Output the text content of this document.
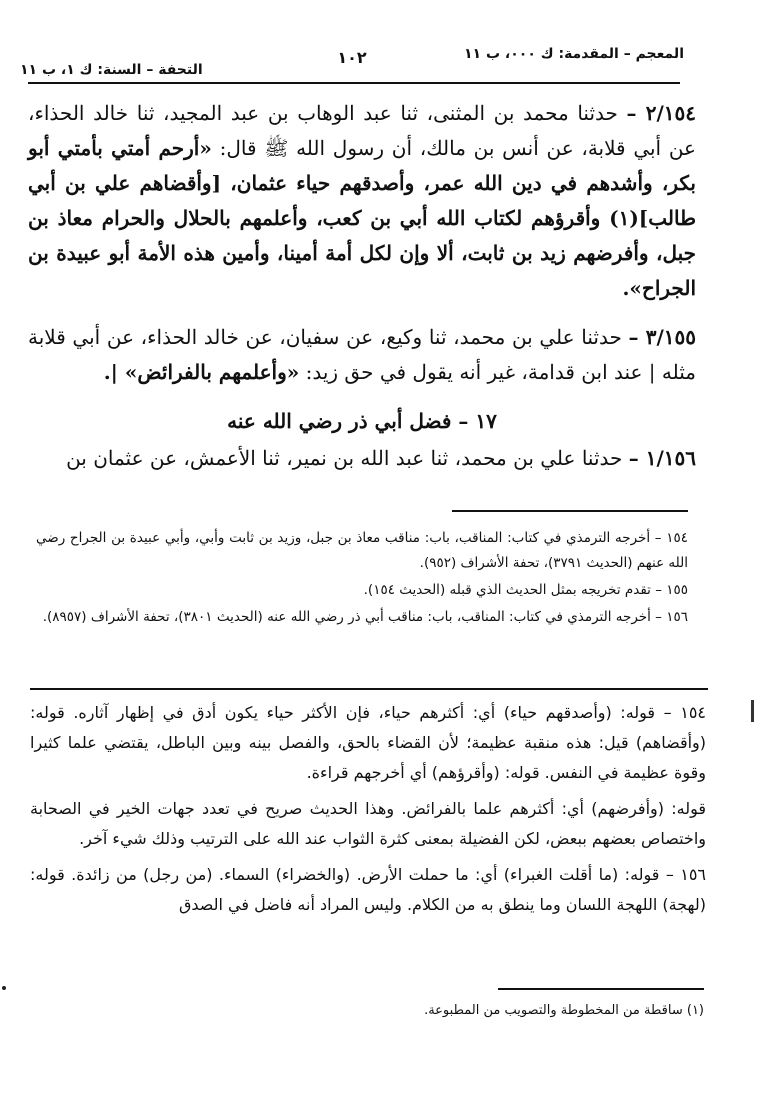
المعجم – المقدمة: ك ٠٠٠، ب ١١
١٠٢
التحفة – السنة: ك ١، ب ١١

٢/١٥٤ – حدثنا محمد بن المثنى، ثنا عبد الوهاب بن عبد المجيد، ثنا خالد الحذاء، عن أبي قلابة، عن أنس بن مالك، أن رسول الله ﷺ قال: «أرحم أمتي بأمتي أبو بكر، وأشدهم في دين الله عمر، وأصدقهم حياء عثمان، [وأقضاهم علي بن أبي طالب](١) وأقرؤهم لكتاب الله أبي بن كعب، وأعلمهم بالحلال والحرام معاذ بن جبل، وأفرضهم زيد بن ثابت، ألا وإن لكل أمة أمينا، وأمين هذه الأمة أبو عبيدة بن الجراح».

٣/١٥٥ – حدثنا علي بن محمد، ثنا وكيع، عن سفيان، عن خالد الحذاء، عن أبي قلابة مثله | عند ابن قدامة، غير أنه يقول في حق زيد: «وأعلمهم بالفرائض» |.

١٧ – فضل أبي ذر رضي الله عنه

١/١٥٦ – حدثنا علي بن محمد، ثنا عبد الله بن نمير، ثنا الأعمش، عن عثمان بن

١٥٤ – أخرجه الترمذي في كتاب: المناقب، باب: مناقب معاذ بن جبل، وزيد بن ثابت وأبي، وأبي عبيدة بن الجراح رضي الله عنهم (الحديث ٣٧٩١)، تحفة الأشراف (٩٥٢).

١٥٥ – تقدم تخريجه بمثل الحديث الذي قبله (الحديث ١٥٤).

١٥٦ – أخرجه الترمذي في كتاب: المناقب، باب: مناقب أبي ذر رضي الله عنه (الحديث ٣٨٠١)، تحفة الأشراف (٨٩٥٧).

١٥٤ – قوله: (وأصدقهم حياء) أي: أكثرهم حياء، فإن الأكثر حياء يكون أدق في إظهار آثاره. قوله: (وأقضاهم) قيل: هذه منقبة عظيمة؛ لأن القضاء بالحق، والفصل بينه وبين الباطل، يقتضي علما كثيرا وقوة عظيمة في النفس. قوله: (وأقرؤهم) أي أخرجهم قراءة.

قوله: (وأفرضهم) أي: أكثرهم علما بالفرائض. وهذا الحديث صريح في تعدد جهات الخير في الصحابة واختصاص بعضهم ببعض، لكن الفضيلة بمعنى كثرة الثواب عند الله على الترتيب وذلك شيء آخر.

١٥٦ – قوله: (ما أقلت الغبراء) أي: ما حملت الأرض. (والخضراء) السماء. (من رجل) من زائدة. قوله: (لهجة) اللهجة اللسان وما ينطق به من الكلام. وليس المراد أنه فاضل في الصدق

(١) ساقطة من المخطوطة والتصويب من المطبوعة.
